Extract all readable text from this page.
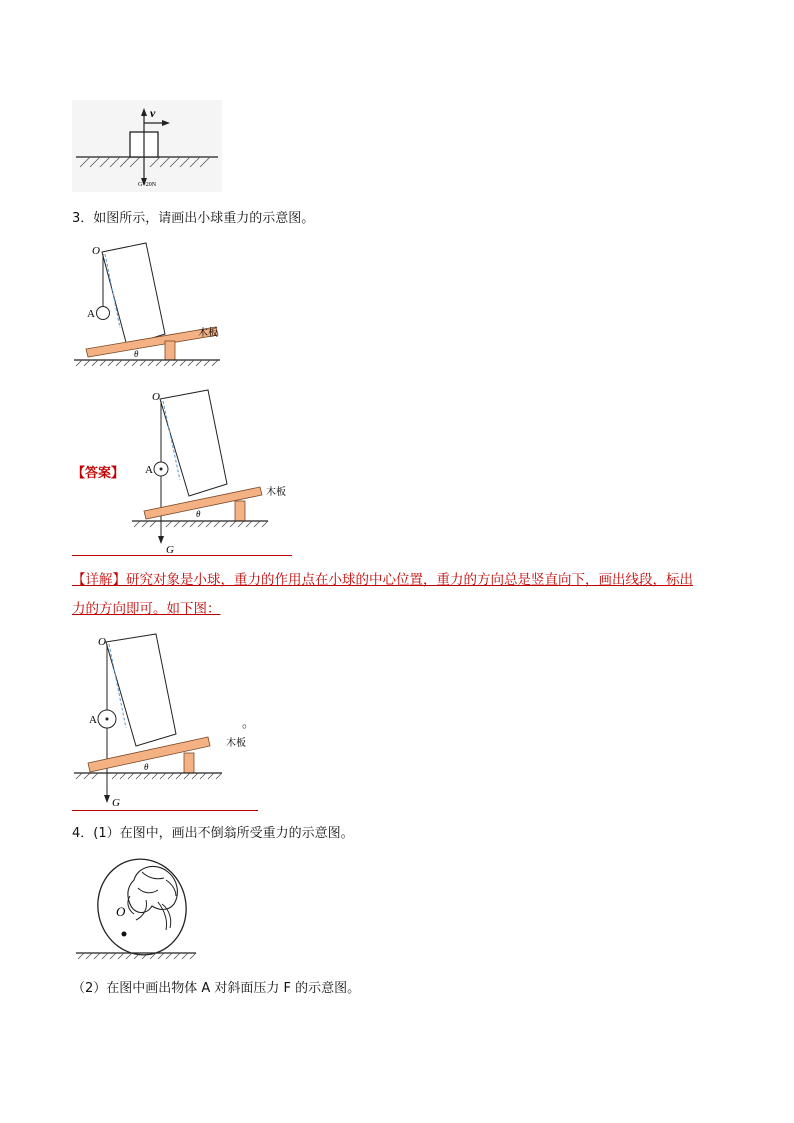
v
G=20N
3．如图所示，请画出小球重力的示意图。
O
A
木板
θ
【答案】
O
A
木板
θ
G
【详解】研究对象是小球，重力的作用点在小球的中心位置，重力的方向总是竖直向下，画出线段，标出
力的方向即可。如下图：
O
A
木板
θ
G
。
4．(1）在图中，画出不倒翁所受重力的示意图。
O
（2）在图中画出物体 A 对斜面压力 F 的示意图。
